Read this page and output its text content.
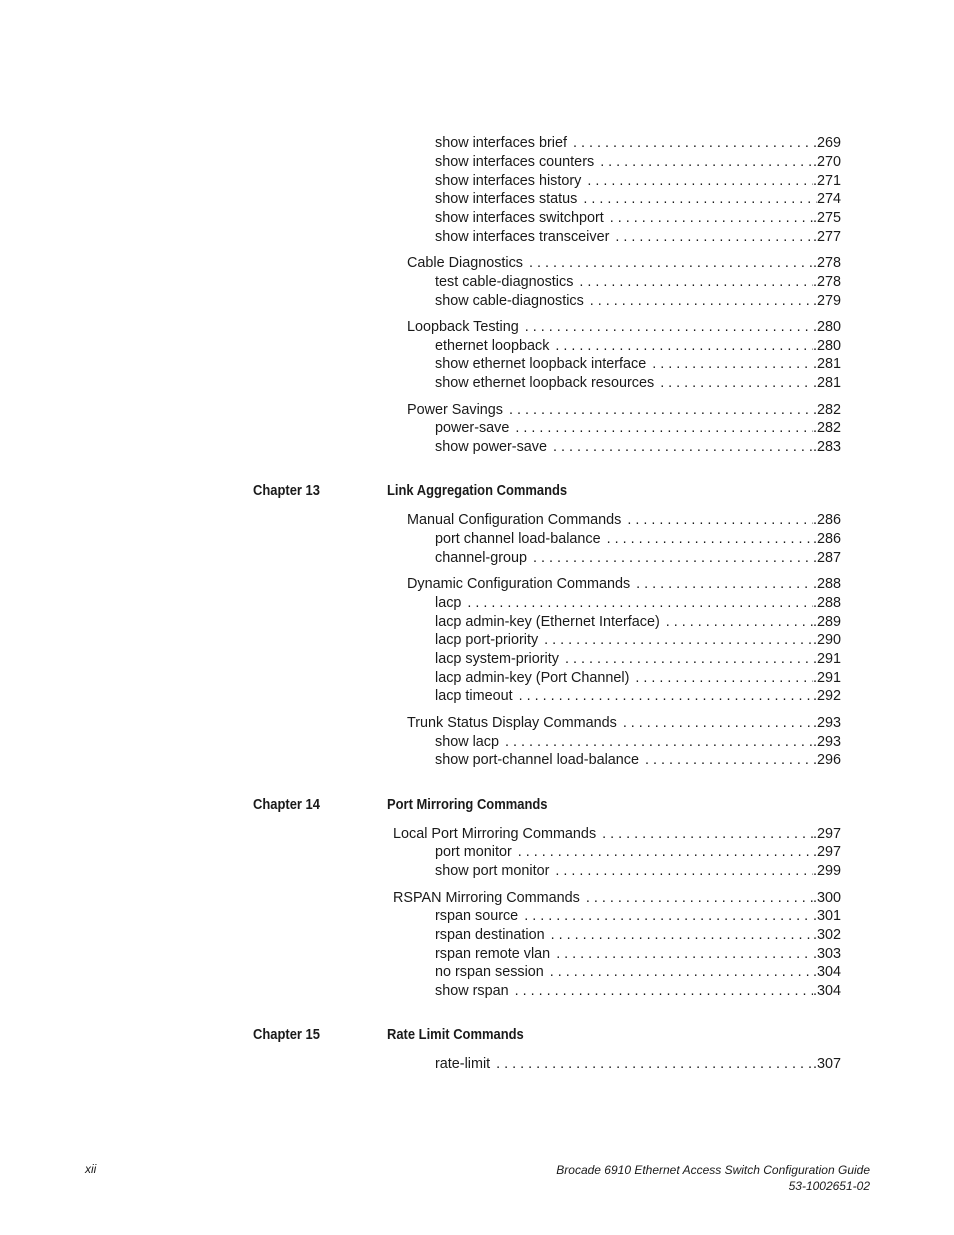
show interfaces brief . . .	.269
show interfaces counters . . .	.270
show interfaces history . . .	.271
show interfaces status . . .	274
show interfaces switchport . . .	.275
show interfaces transceiver . . .	.277
Cable Diagnostics . . .	.278
test cable-diagnostics . . .	.278
show cable-diagnostics . . .	.279
Loopback Testing . . .	.280
ethernet loopback . . .	.280
show ethernet loopback interface . . .	.281
show ethernet loopback resources . . .	.281
Power Savings . . .	.282
power-save . . .	.282
show power-save . . .	.283
Chapter 13	Link Aggregation Commands
Manual Configuration Commands . . .	.286
port channel load-balance . . .	.286
channel-group . . .	.287
Dynamic Configuration Commands . . .	.288
lacp . . .	.288
lacp admin-key (Ethernet Interface) . . .	.289
lacp port-priority . . .	.290
lacp system-priority . . .	.291
lacp admin-key (Port Channel) . . .	.291
lacp timeout . . .	.292
Trunk Status Display Commands . . .	.293
show lacp . . .	.293
show port-channel load-balance . . .	.296
Chapter 14	Port Mirroring Commands
Local Port Mirroring Commands . . .	.297
port monitor . . .	.297
show port monitor . . .	.299
RSPAN Mirroring Commands . . .	.300
rspan source . . .	.301
rspan destination . . .	.302
rspan remote vlan . . .	.303
no rspan session . . .	.304
show rspan . . .	.304
Chapter 15	Rate Limit Commands
rate-limit . . .	.307
xii	Brocade 6910 Ethernet Access Switch Configuration Guide
53-1002651-02
